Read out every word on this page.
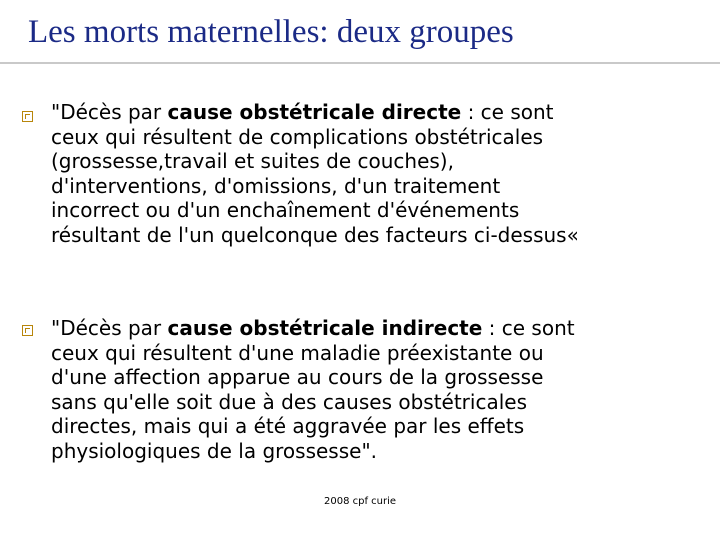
Les morts maternelles: deux groupes
"Décès par cause obstétricale directe : ce sont
ceux qui résultent de complications obstétricales
(grossesse,travail et suites de couches),
d'interventions, d'omissions, d'un traitement
incorrect ou d'un enchaînement d'événements
résultant de l'un quelconque des facteurs ci-dessus«
"Décès par cause obstétricale indirecte : ce sont
ceux qui résultent d'une maladie préexistante ou
d'une affection apparue au cours de la grossesse
sans qu'elle soit due à des causes obstétricales
directes, mais qui a été aggravée par les effets
physiologiques de la grossesse".
2008 cpf curie
